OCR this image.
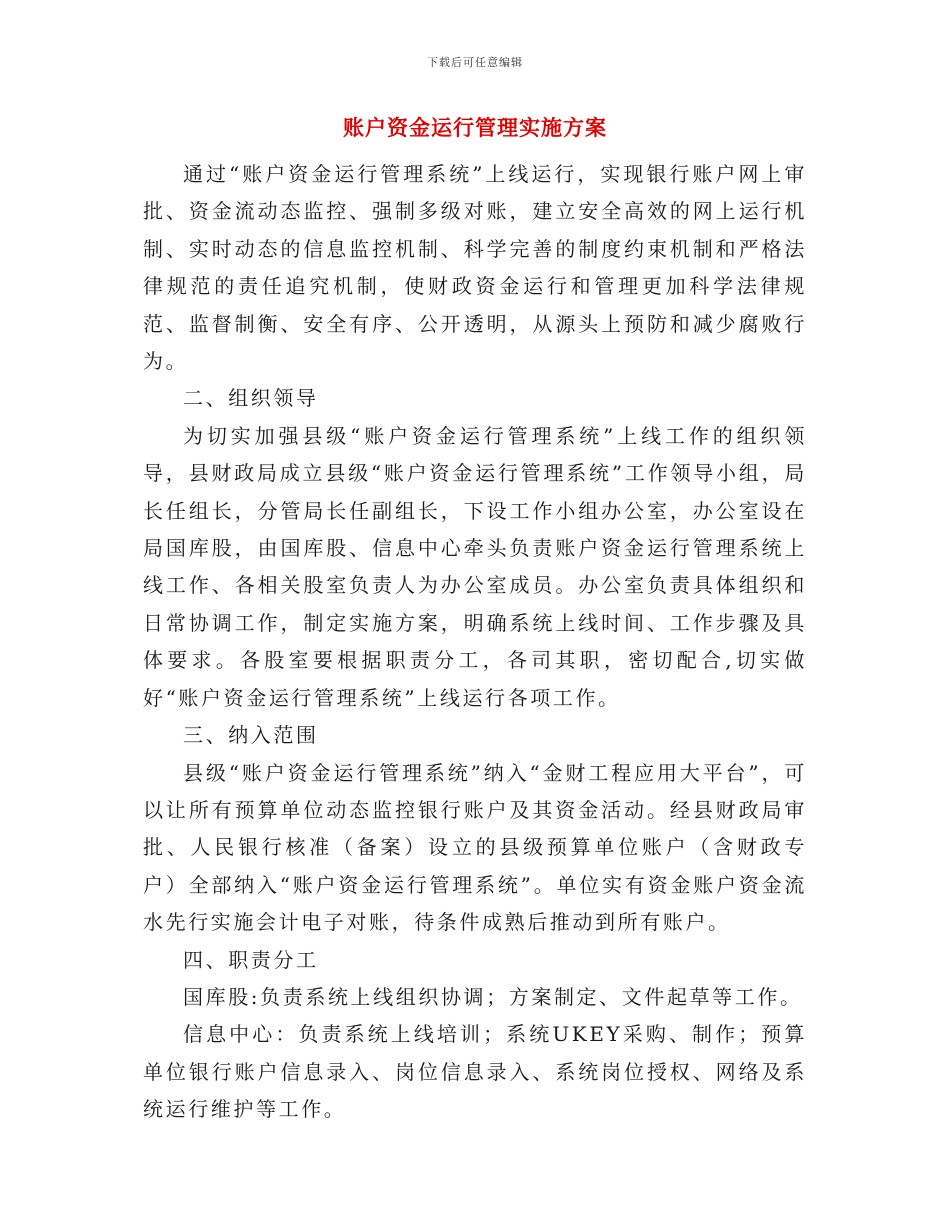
下载后可任意编辑
账户资金运行管理实施方案

通过“账户资金运行管理系统”上线运行，实现银行账户网上审批、资金流动态监控、强制多级对账，建立安全高效的网上运行机制、实时动态的信息监控机制、科学完善的制度约束机制和严格法律规范的责任追究机制，使财政资金运行和管理更加科学法律规范、监督制衡、安全有序、公开透明，从源头上预防和减少腐败行为。

二、组织领导

为切实加强县级“账户资金运行管理系统”上线工作的组织领导，县财政局成立县级“账户资金运行管理系统”工作领导小组，局长任组长，分管局长任副组长，下设工作小组办公室，办公室设在局国库股，由国库股、信息中心牵头负责账户资金运行管理系统上线工作、各相关股室负责人为办公室成员。办公室负责具体组织和日常协调工作，制定实施方案，明确系统上线时间、工作步骤及具体要求。各股室要根据职责分工，各司其职，密切配合,切实做好“账户资金运行管理系统”上线运行各项工作。

三、纳入范围

县级“账户资金运行管理系统”纳入“金财工程应用大平台”，可以让所有预算单位动态监控银行账户及其资金活动。经县财政局审批、人民银行核准（备案）设立的县级预算单位账户（含财政专户）全部纳入“账户资金运行管理系统”。单位实有资金账户资金流水先行实施会计电子对账，待条件成熟后推动到所有账户。

四、职责分工

国库股:负责系统上线组织协调；方案制定、文件起草等工作。

信息中心：负责系统上线培训；系统UKEY采购、制作；预算单位银行账户信息录入、岗位信息录入、系统岗位授权、网络及系统运行维护等工作。
